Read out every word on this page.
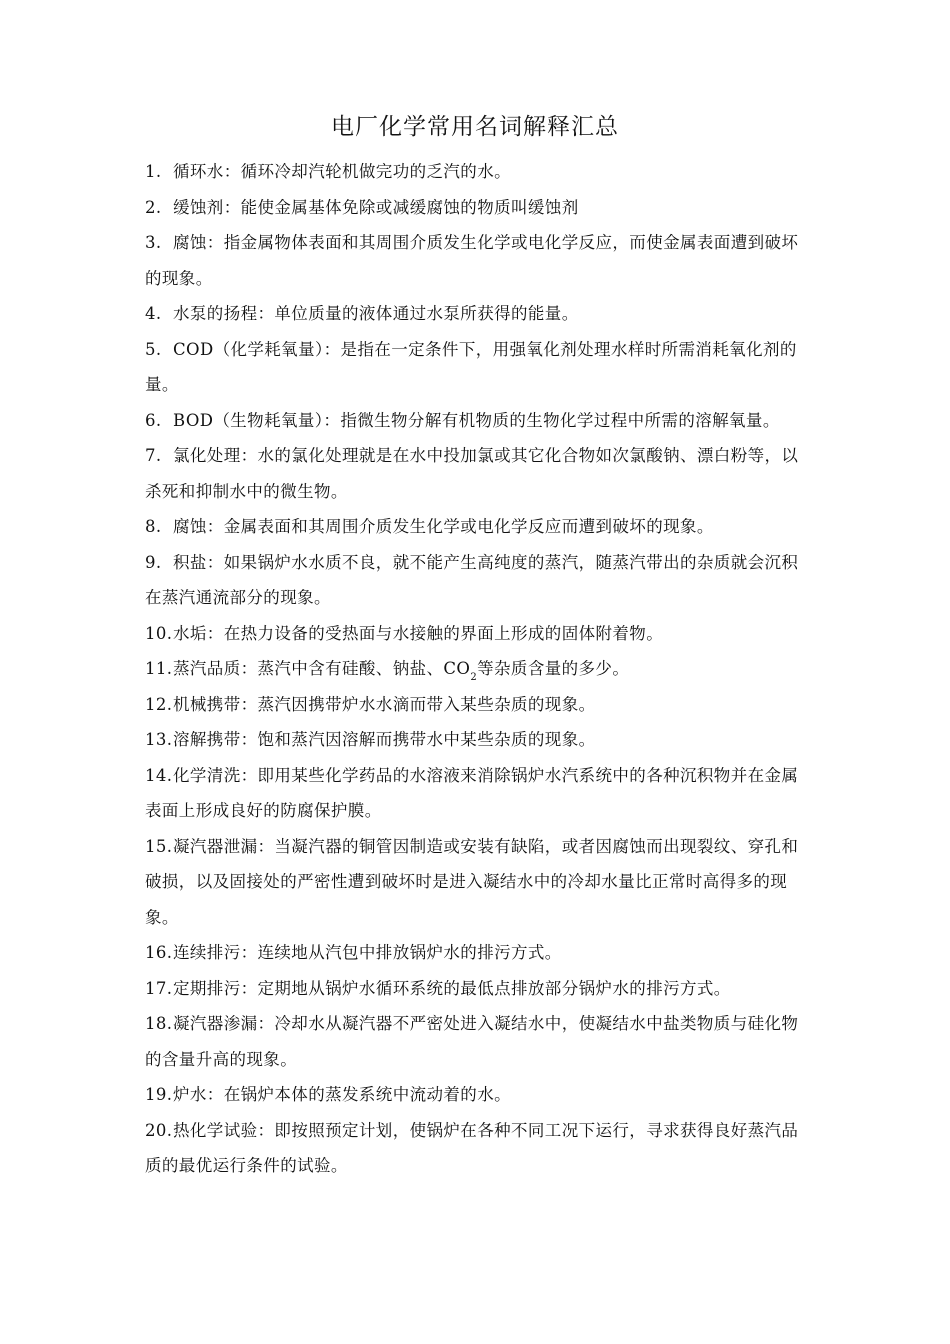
电厂化学常用名词解释汇总
1. 循环水：循环冷却汽轮机做完功的乏汽的水。
2. 缓蚀剂：能使金属基体免除或减缓腐蚀的物质叫缓蚀剂
3. 腐蚀：指金属物体表面和其周围介质发生化学或电化学反应，而使金属表面遭到破坏的现象。
4. 水泵的扬程：单位质量的液体通过水泵所获得的能量。
5. COD（化学耗氧量）：是指在一定条件下，用强氧化剂处理水样时所需消耗氧化剂的量。
6. BOD（生物耗氧量）：指微生物分解有机物质的生物化学过程中所需的溶解氧量。
7. 氯化处理：水的氯化处理就是在水中投加氯或其它化合物如次氯酸钠、漂白粉等，以杀死和抑制水中的微生物。
8. 腐蚀：金属表面和其周围介质发生化学或电化学反应而遭到破坏的现象。
9. 积盐：如果锅炉水水质不良，就不能产生高纯度的蒸汽，随蒸汽带出的杂质就会沉积在蒸汽通流部分的现象。
10.水垢：在热力设备的受热面与水接触的界面上形成的固体附着物。
11.蒸汽品质：蒸汽中含有硅酸、钠盐、$CO_2$等杂质含量的多少。
12.机械携带：蒸汽因携带炉水水滴而带入某些杂质的现象。
13.溶解携带：饱和蒸汽因溶解而携带水中某些杂质的现象。
14.化学清洗：即用某些化学药品的水溶液来消除锅炉水汽系统中的各种沉积物并在金属表面上形成良好的防腐保护膜。
15.凝汽器泄漏：当凝汽器的铜管因制造或安装有缺陷，或者因腐蚀而出现裂纹、穿孔和破损，以及固接处的严密性遭到破坏时是进入凝结水中的冷却水量比正常时高得多的现象。
16.连续排污：连续地从汽包中排放锅炉水的排污方式。
17.定期排污：定期地从锅炉水循环系统的最低点排放部分锅炉水的排污方式。
18.凝汽器渗漏：冷却水从凝汽器不严密处进入凝结水中，使凝结水中盐类物质与硅化物的含量升高的现象。
19.炉水：在锅炉本体的蒸发系统中流动着的水。
20.热化学试验：即按照预定计划，使锅炉在各种不同工况下运行，寻求获得良好蒸汽品质的最优运行条件的试验。
